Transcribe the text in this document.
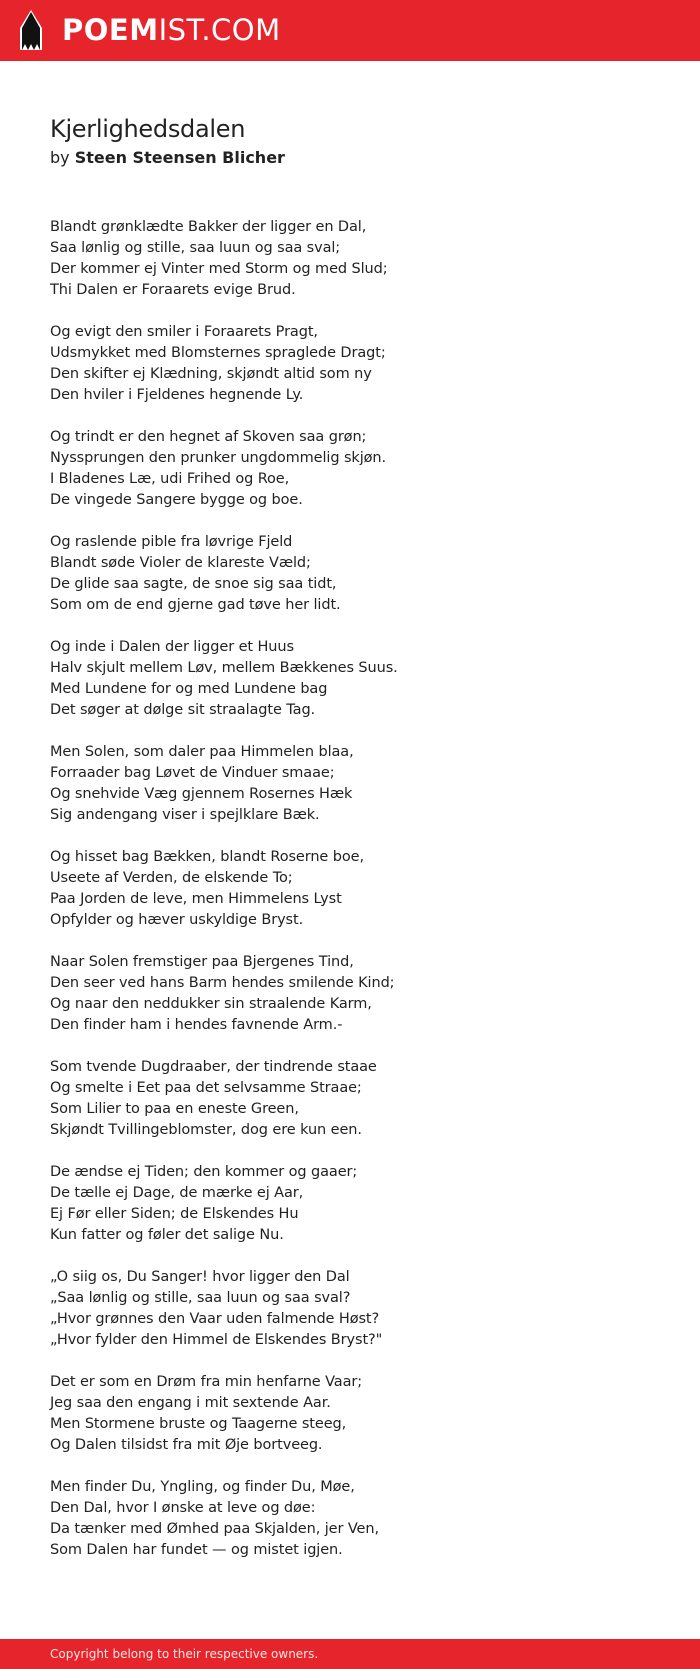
POEMIST.COM
Kjerlighedsdalen
by Steen Steensen Blicher
Blandt grønklædte Bakker der ligger en Dal,
Saa lønlig og stille, saa luun og saa sval;
Der kommer ej Vinter med Storm og med Slud;
Thi Dalen er Foraarets evige Brud.
Og evigt den smiler i Foraarets Pragt,
Udsmykket med Blomsternes spraglede Dragt;
Den skifter ej Klædning, skjøndt altid som ny
Den hviler i Fjeldenes hegnende Ly.
Og trindt er den hegnet af Skoven saa grøn;
Nyssprungen den prunker ungdommelig skjøn.
I Bladenes Læ, udi Frihed og Roe,
De vingede Sangere bygge og boe.
Og raslende pible fra løvrige Fjeld
Blandt søde Violer de klareste Væld;
De glide saa sagte, de snoe sig saa tidt,
Som om de end gjerne gad tøve her lidt.
Og inde i Dalen der ligger et Huus
Halv skjult mellem Løv, mellem Bækkenes Suus.
Med Lundene for og med Lundene bag
Det søger at dølge sit straalagte Tag.
Men Solen, som daler paa Himmelen blaa,
Forraader bag Løvet de Vinduer smaae;
Og snehvide Væg gjennem Rosernes Hæk
Sig andengang viser i spejlklare Bæk.
Og hisset bag Bækken, blandt Roserne boe,
Useete af Verden, de elskende To;
Paa Jorden de leve, men Himmelens Lyst
Opfylder og hæver uskyldige Bryst.
Naar Solen fremstiger paa Bjergenes Tind,
Den seer ved hans Barm hendes smilende Kind;
Og naar den neddukker sin straalende Karm,
Den finder ham i hendes favnende Arm.-
Som tvende Dugdraaber, der tindrende staae
Og smelte i Eet paa det selvsamme Straae;
Som Lilier to paa en eneste Green,
Skjøndt Tvillingeblomster, dog ere kun een.
De ændse ej Tiden; den kommer og gaaer;
De tælle ej Dage, de mærke ej Aar,
Ej Før eller Siden; de Elskendes Hu
Kun fatter og føler det salige Nu.
„O siig os, Du Sanger! hvor ligger den Dal
„Saa lønlig og stille, saa luun og saa sval?
„Hvor grønnes den Vaar uden falmende Høst?
„Hvor fylder den Himmel de Elskendes Bryst?"
Det er som en Drøm fra min henfarne Vaar;
Jeg saa den engang i mit sextende Aar.
Men Stormene bruste og Taagerne steeg,
Og Dalen tilsidst fra mit Øje bortveeg.
Men finder Du, Yngling, og finder Du, Møe,
Den Dal, hvor I ønske at leve og døe:
Da tænker med Ømhed paa Skjalden, jer Ven,
Som Dalen har fundet — og mistet igjen.
Copyright belong to their respective owners.
